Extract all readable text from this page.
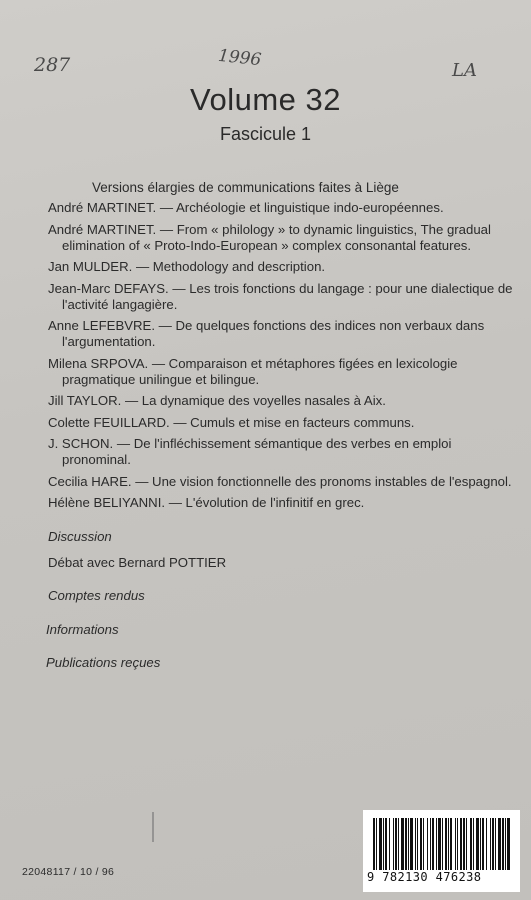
287	1996
LA
Volume 32
Fascicule 1
Versions élargies de communications faites à Liège

André MARTINET. — Archéologie et linguistique indo-européennes.

André MARTINET. — From « philology » to dynamic linguistics, The gradual elimination of « Proto-Indo-European » complex consonantal features.

Jan MULDER. — Methodology and description.

Jean-Marc DEFAYS. — Les trois fonctions du langage : pour une dialectique de l'activité langagière.

Anne LEFEBVRE. — De quelques fonctions des indices non verbaux dans l'argumentation.

Milena SRPOVA. — Comparaison et métaphores figées en lexicologie pragmatique unilingue et bilingue.

Jill TAYLOR. — La dynamique des voyelles nasales à Aix.

Colette FEUILLARD. — Cumuls et mise en facteurs communs.

J. SCHON. — De l'infléchissement sémantique des verbes en emploi pronominal.

Cecilia HARE. — Une vision fonctionnelle des pronoms instables de l'espagnol.

Hélène BELIYANNI. — L'évolution de l'infinitif en grec.

Discussion
Débat avec Bernard POTTIER
Comptes rendus
Informations
Publications reçues
22048117 / 10 / 96	9 782130 476238
